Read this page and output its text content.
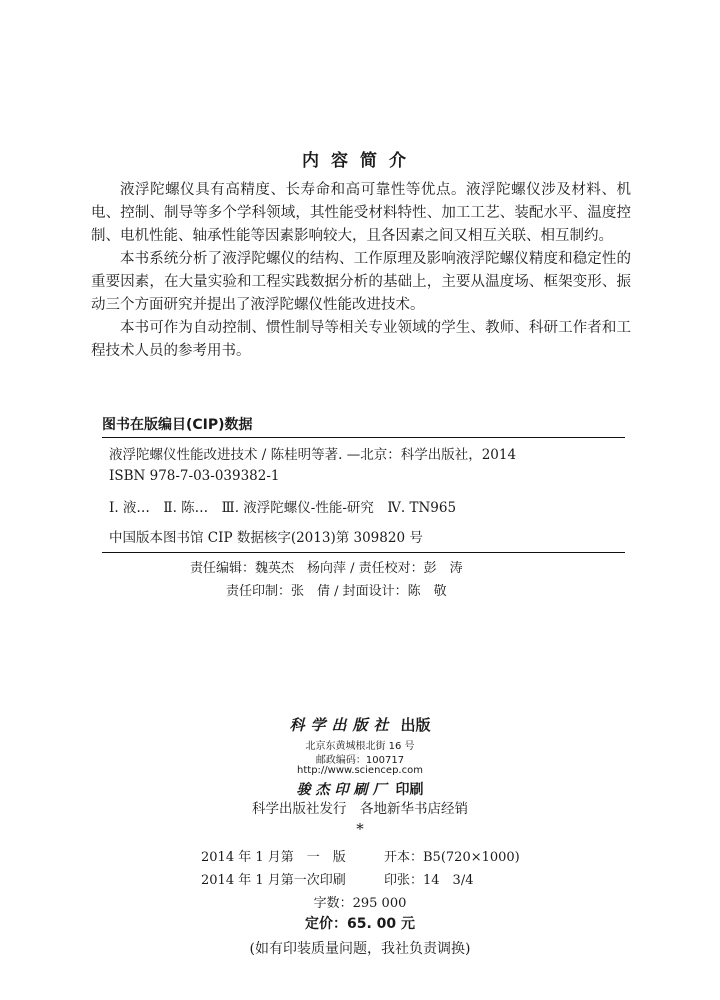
内容简介

液浮陀螺仪具有高精度、长寿命和高可靠性等优点。液浮陀螺仪涉及材料、机电、控制、制导等多个学科领域，其性能受材料特性、加工工艺、装配水平、温度控制、电机性能、轴承性能等因素影响较大，且各因素之间又相互关联、相互制约。

本书系统分析了液浮陀螺仪的结构、工作原理及影响液浮陀螺仪精度和稳定性的重要因素，在大量实验和工程实践数据分析的基础上，主要从温度场、框架变形、振动三个方面研究并提出了液浮陀螺仪性能改进技术。

本书可作为自动控制、惯性制导等相关专业领域的学生、教师、科研工作者和工程技术人员的参考用书。

图书在版编目(CIP)数据
液浮陀螺仪性能改进技术 / 陈桂明等著. —北京：科学出版社，2014
ISBN 978-7-03-039382-1
Ⅰ. 液…　Ⅱ. 陈…　Ⅲ. 液浮陀螺仪-性能-研究　Ⅳ. TN965
中国版本图书馆 CIP 数据核字(2013)第 309820 号
责任编辑：魏英杰　杨向萍 / 责任校对：彭　涛
责任印制：张　倩 / 封面设计：陈　敬
科学出版社 出版
北京东黄城根北街 16 号
邮政编码：100717
http://www.sciencep.com
骏杰印刷厂 印刷
科学出版社发行　各地新华书店经销
*
2014 年 1 月第　一　版	开本：B5(720×1000)
2014 年 1 月第一次印刷	印张：14　3/4
字数：295 000
定价：65. 00 元
(如有印装质量问题，我社负责调换)
